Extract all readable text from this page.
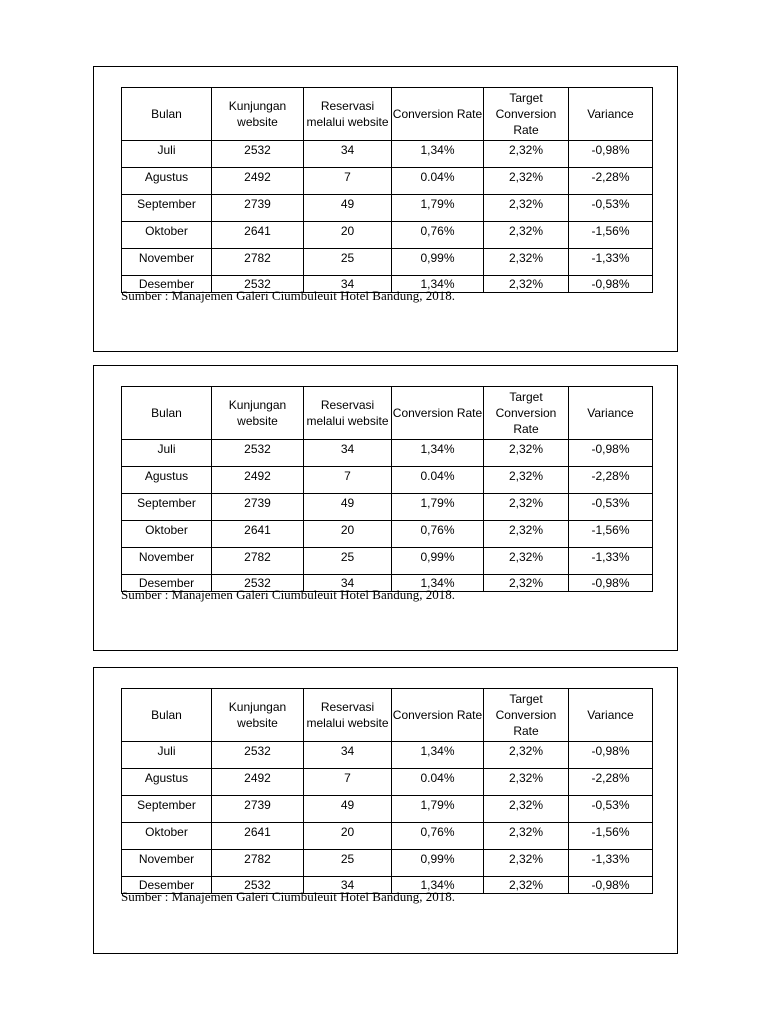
Bulan	Kunjungan website	Reservasi melalui website	Conversion Rate	Target Conversion Rate	Variance
Juli	2532	34	1,34%	2,32%	-0,98%
Agustus	2492	7	0.04%	2,32%	-2,28%
September	2739	49	1,79%	2,32%	-0,53%
Oktober	2641	20	0,76%	2,32%	-1,56%
November	2782	25	0,99%	2,32%	-1,33%
Desember	2532	34	1,34%	2,32%	-0,98%
Sumber : Manajemen Galeri Ciumbuleuit Hotel Bandung, 2018.
Bulan	Kunjungan website	Reservasi melalui website	Conversion Rate	Target Conversion Rate	Variance
Juli	2532	34	1,34%	2,32%	-0,98%
Agustus	2492	7	0.04%	2,32%	-2,28%
September	2739	49	1,79%	2,32%	-0,53%
Oktober	2641	20	0,76%	2,32%	-1,56%
November	2782	25	0,99%	2,32%	-1,33%
Desember	2532	34	1,34%	2,32%	-0,98%
Sumber : Manajemen Galeri Ciumbuleuit Hotel Bandung, 2018.
Bulan	Kunjungan website	Reservasi melalui website	Conversion Rate	Target Conversion Rate	Variance
Juli	2532	34	1,34%	2,32%	-0,98%
Agustus	2492	7	0.04%	2,32%	-2,28%
September	2739	49	1,79%	2,32%	-0,53%
Oktober	2641	20	0,76%	2,32%	-1,56%
November	2782	25	0,99%	2,32%	-1,33%
Desember	2532	34	1,34%	2,32%	-0,98%
Sumber : Manajemen Galeri Ciumbuleuit Hotel Bandung, 2018.
